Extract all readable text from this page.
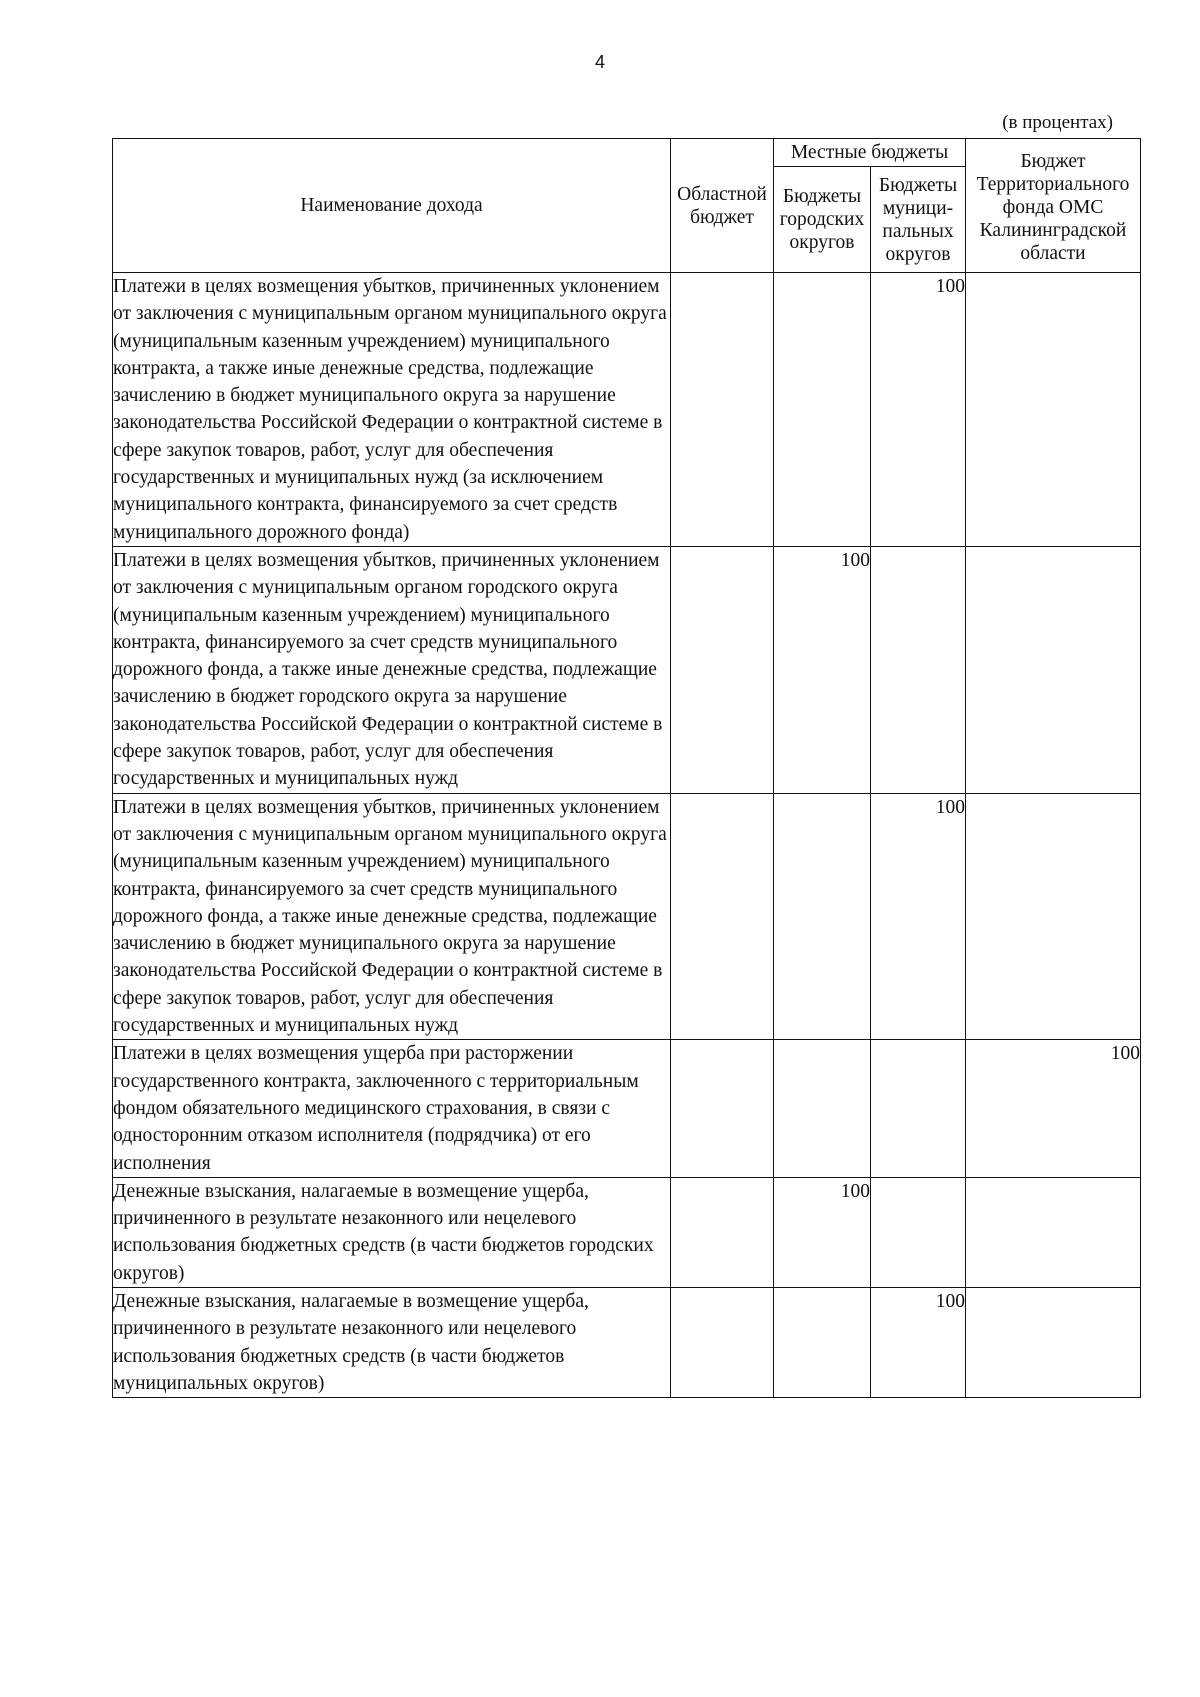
4
(в процентах)
Наименование дохода	Областной бюджет	Местные бюджеты		Бюджет Территориального фонда ОМС Калининградской области
		Бюджеты городских округов	Бюджеты муници-пальных округов	
Платежи в целях возмещения убытков, причиненных уклонением от заключения с муниципальным органом муниципального округа (муниципальным казенным учреждением) муниципального контракта, а также иные денежные средства, подлежащие зачислению в бюджет муниципального округа за нарушение законодательства Российской Федерации о контрактной системе в сфере закупок товаров, работ, услуг для обеспечения государственных и муниципальных нужд (за исключением муниципального контракта, финансируемого за счет средств муниципального дорожного фонда)			100	
Платежи в целях возмещения убытков, причиненных уклонением от заключения с муниципальным органом городского округа (муниципальным казенным учреждением) муниципального контракта, финансируемого за счет средств муниципального дорожного фонда, а также иные денежные средства, подлежащие зачислению в бюджет городского округа за нарушение законодательства Российской Федерации о контрактной системе в сфере закупок товаров, работ, услуг для обеспечения государственных и муниципальных нужд		100		
Платежи в целях возмещения убытков, причиненных уклонением от заключения с муниципальным органом муниципального округа (муниципальным казенным учреждением) муниципального контракта, финансируемого за счет средств муниципального дорожного фонда, а также иные денежные средства, подлежащие зачислению в бюджет муниципального округа за нарушение законодательства Российской Федерации о контрактной системе в сфере закупок товаров, работ, услуг для обеспечения государственных и муниципальных нужд			100	
Платежи в целях возмещения ущерба при расторжении государственного контракта, заключенного с территориальным фондом обязательного медицинского страхования, в связи с односторонним отказом исполнителя (подрядчика) от его исполнения				100
Денежные взыскания, налагаемые в возмещение ущерба, причиненного в результате незаконного или нецелевого использования бюджетных средств (в части бюджетов городских округов)		100		
Денежные взыскания, налагаемые в возмещение ущерба, причиненного в результате незаконного или нецелевого использования бюджетных средств (в части бюджетов муниципальных округов)			100	
